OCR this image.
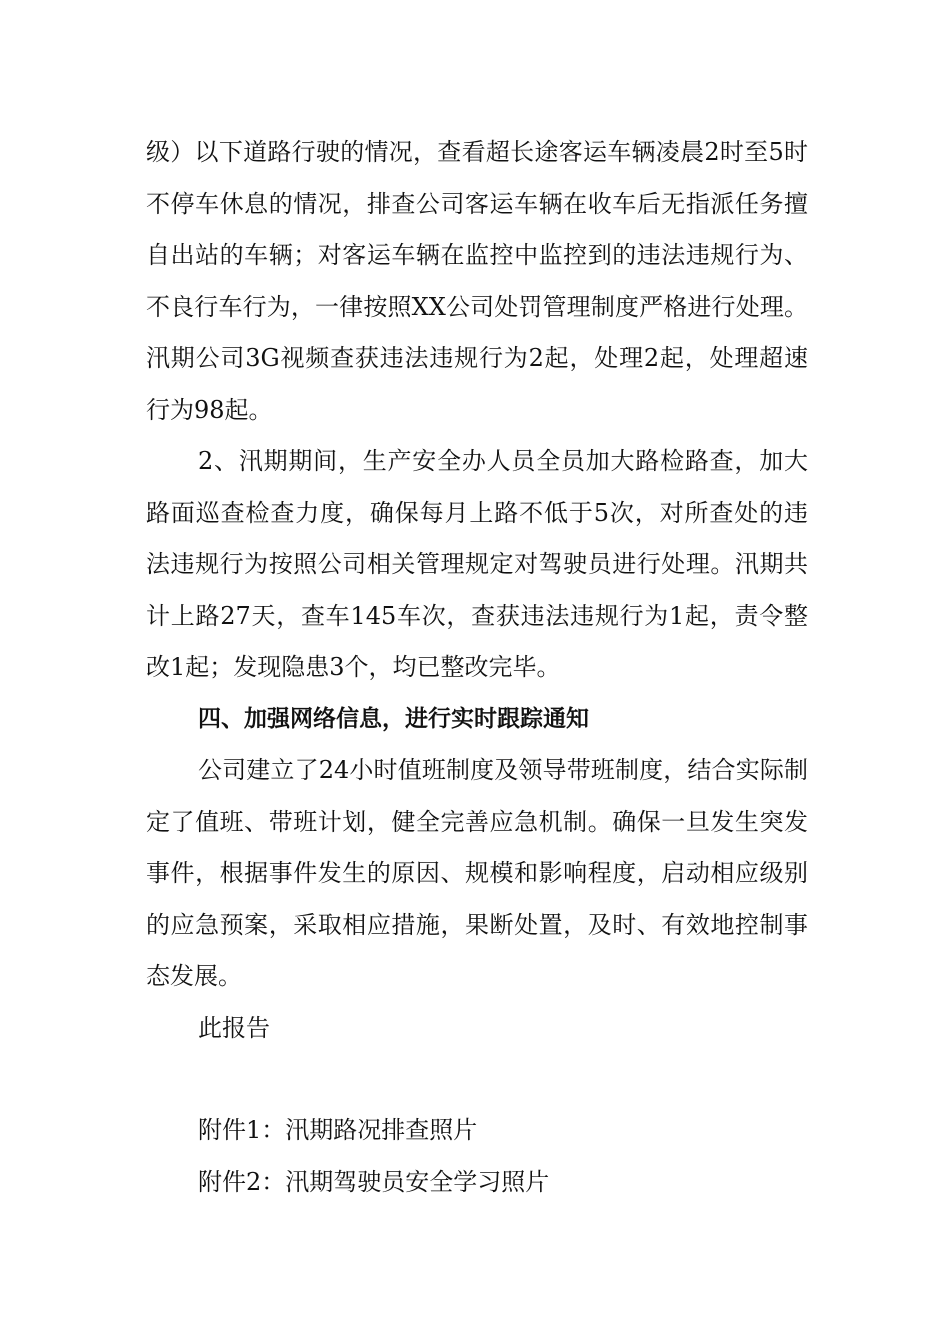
级）以下道路行驶的情况，查看超长途客运车辆凌晨2时至5时不停车休息的情况，排查公司客运车辆在收车后无指派任务擅自出站的车辆；对客运车辆在监控中监控到的违法违规行为、不良行车行为，一律按照XX公司处罚管理制度严格进行处理。汛期公司3G视频查获违法违规行为2起，处理2起，处理超速行为98起。

2、汛期期间，生产安全办人员全员加大路检路查，加大路面巡查检查力度，确保每月上路不低于5次，对所查处的违法违规行为按照公司相关管理规定对驾驶员进行处理。汛期共计上路27天，查车145车次，查获违法违规行为1起，责令整改1起；发现隐患3个，均已整改完毕。

四、加强网络信息，进行实时跟踪通知

公司建立了24小时值班制度及领导带班制度，结合实际制定了值班、带班计划，健全完善应急机制。确保一旦发生突发事件，根据事件发生的原因、规模和影响程度，启动相应级别的应急预案，采取相应措施，果断处置，及时、有效地控制事态发展。

此报告

附件1：汛期路况排查照片

附件2：汛期驾驶员安全学习照片
